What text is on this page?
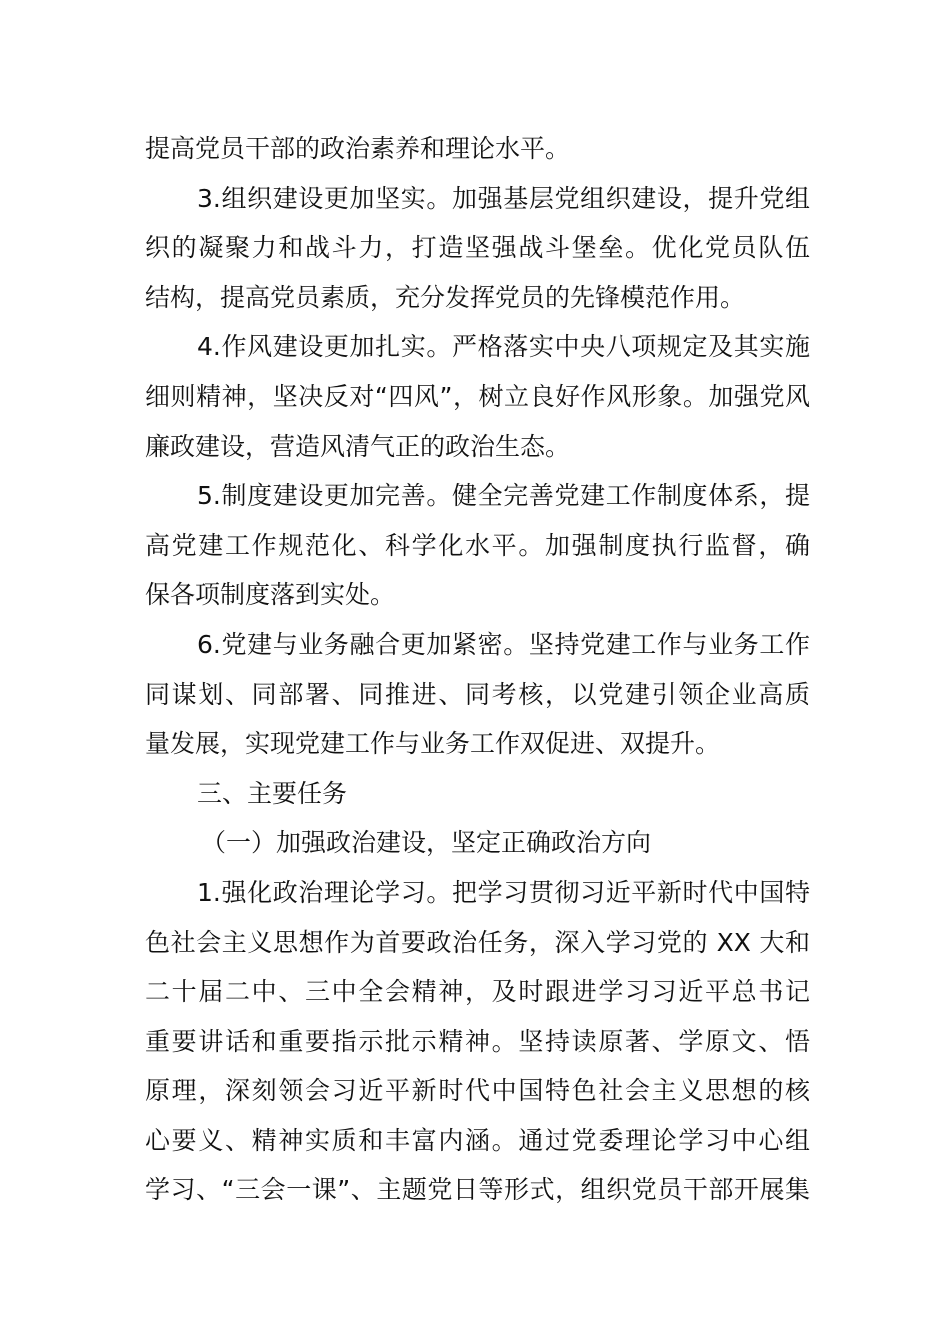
提高党员干部的政治素养和理论水平。
3.组织建设更加坚实。加强基层党组织建设，提升党组
织的凝聚力和战斗力，打造坚强战斗堡垒。优化党员队伍
结构，提高党员素质，充分发挥党员的先锋模范作用。
4.作风建设更加扎实。严格落实中央八项规定及其实施
细则精神，坚决反对“四风”，树立良好作风形象。加强党风
廉政建设，营造风清气正的政治生态。
5.制度建设更加完善。健全完善党建工作制度体系，提
高党建工作规范化、科学化水平。加强制度执行监督，确
保各项制度落到实处。
6.党建与业务融合更加紧密。坚持党建工作与业务工作
同谋划、同部署、同推进、同考核，以党建引领企业高质
量发展，实现党建工作与业务工作双促进、双提升。
三、主要任务
（一）加强政治建设，坚定正确政治方向
1.强化政治理论学习。把学习贯彻习近平新时代中国特
色社会主义思想作为首要政治任务，深入学习党的 XX 大和
二十届二中、三中全会精神，及时跟进学习习近平总书记
重要讲话和重要指示批示精神。坚持读原著、学原文、悟
原理，深刻领会习近平新时代中国特色社会主义思想的核
心要义、精神实质和丰富内涵。通过党委理论学习中心组
学习、“三会一课”、主题党日等形式，组织党员干部开展集
